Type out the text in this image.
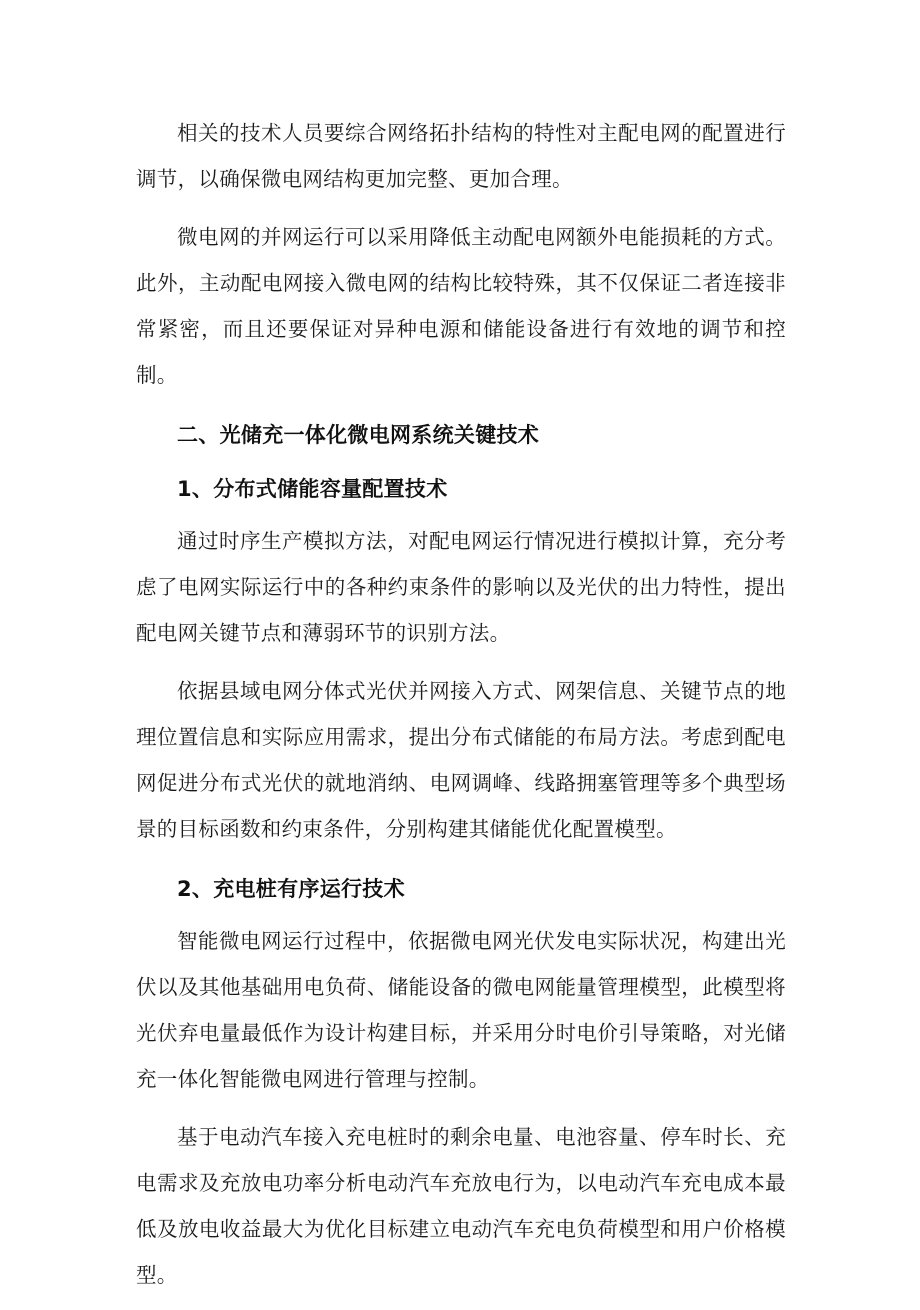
相关的技术人员要综合网络拓扑结构的特性对主配电网的配置进行调节，以确保微电网结构更加完整、更加合理。

微电网的并网运行可以采用降低主动配电网额外电能损耗的方式。此外，主动配电网接入微电网的结构比较特殊，其不仅保证二者连接非常紧密，而且还要保证对异种电源和储能设备进行有效地的调节和控制。

二、光储充一体化微电网系统关键技术
1、分布式储能容量配置技术

通过时序生产模拟方法，对配电网运行情况进行模拟计算，充分考虑了电网实际运行中的各种约束条件的影响以及光伏的出力特性，提出配电网关键节点和薄弱环节的识别方法。

依据县域电网分体式光伏并网接入方式、网架信息、关键节点的地理位置信息和实际应用需求，提出分布式储能的布局方法。考虑到配电网促进分布式光伏的就地消纳、电网调峰、线路拥塞管理等多个典型场景的目标函数和约束条件，分别构建其储能优化配置模型。

2、充电桩有序运行技术

智能微电网运行过程中，依据微电网光伏发电实际状况，构建出光伏以及其他基础用电负荷、储能设备的微电网能量管理模型，此模型将光伏弃电量最低作为设计构建目标，并采用分时电价引导策略，对光储充一体化智能微电网进行管理与控制。

基于电动汽车接入充电桩时的剩余电量、电池容量、停车时长、充电需求及充放电功率分析电动汽车充放电行为，以电动汽车充电成本最低及放电收益最大为优化目标建立电动汽车充电负荷模型和用户价格模型。
